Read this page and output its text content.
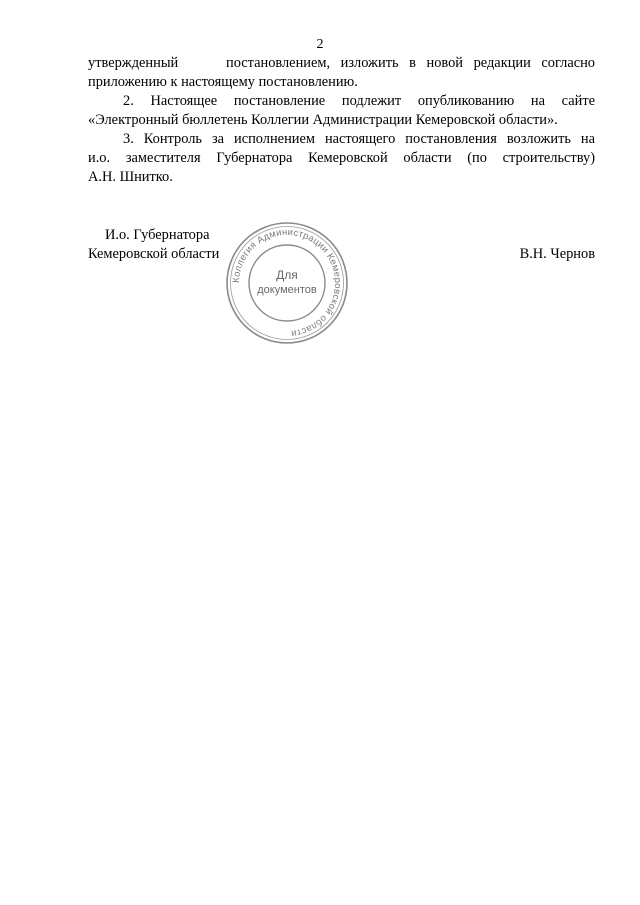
2
утвержденный	постановлением, изложить в новой редакции согласно
приложению к настоящему постановлению.
2. Настоящее постановление подлежит опубликованию на сайте
«Электронный бюллетень Коллегии Администрации Кемеровской области».
3. Контроль за исполнением настоящего постановления возложить на
и.о. заместителя Губернатора Кемеровской области (по строительству)
А.Н. Шнитко.
И.о. Губернатора
Кемеровской области	В.Н. Чернов
Коллегия Администрации Кемеровской области
Для
документов
